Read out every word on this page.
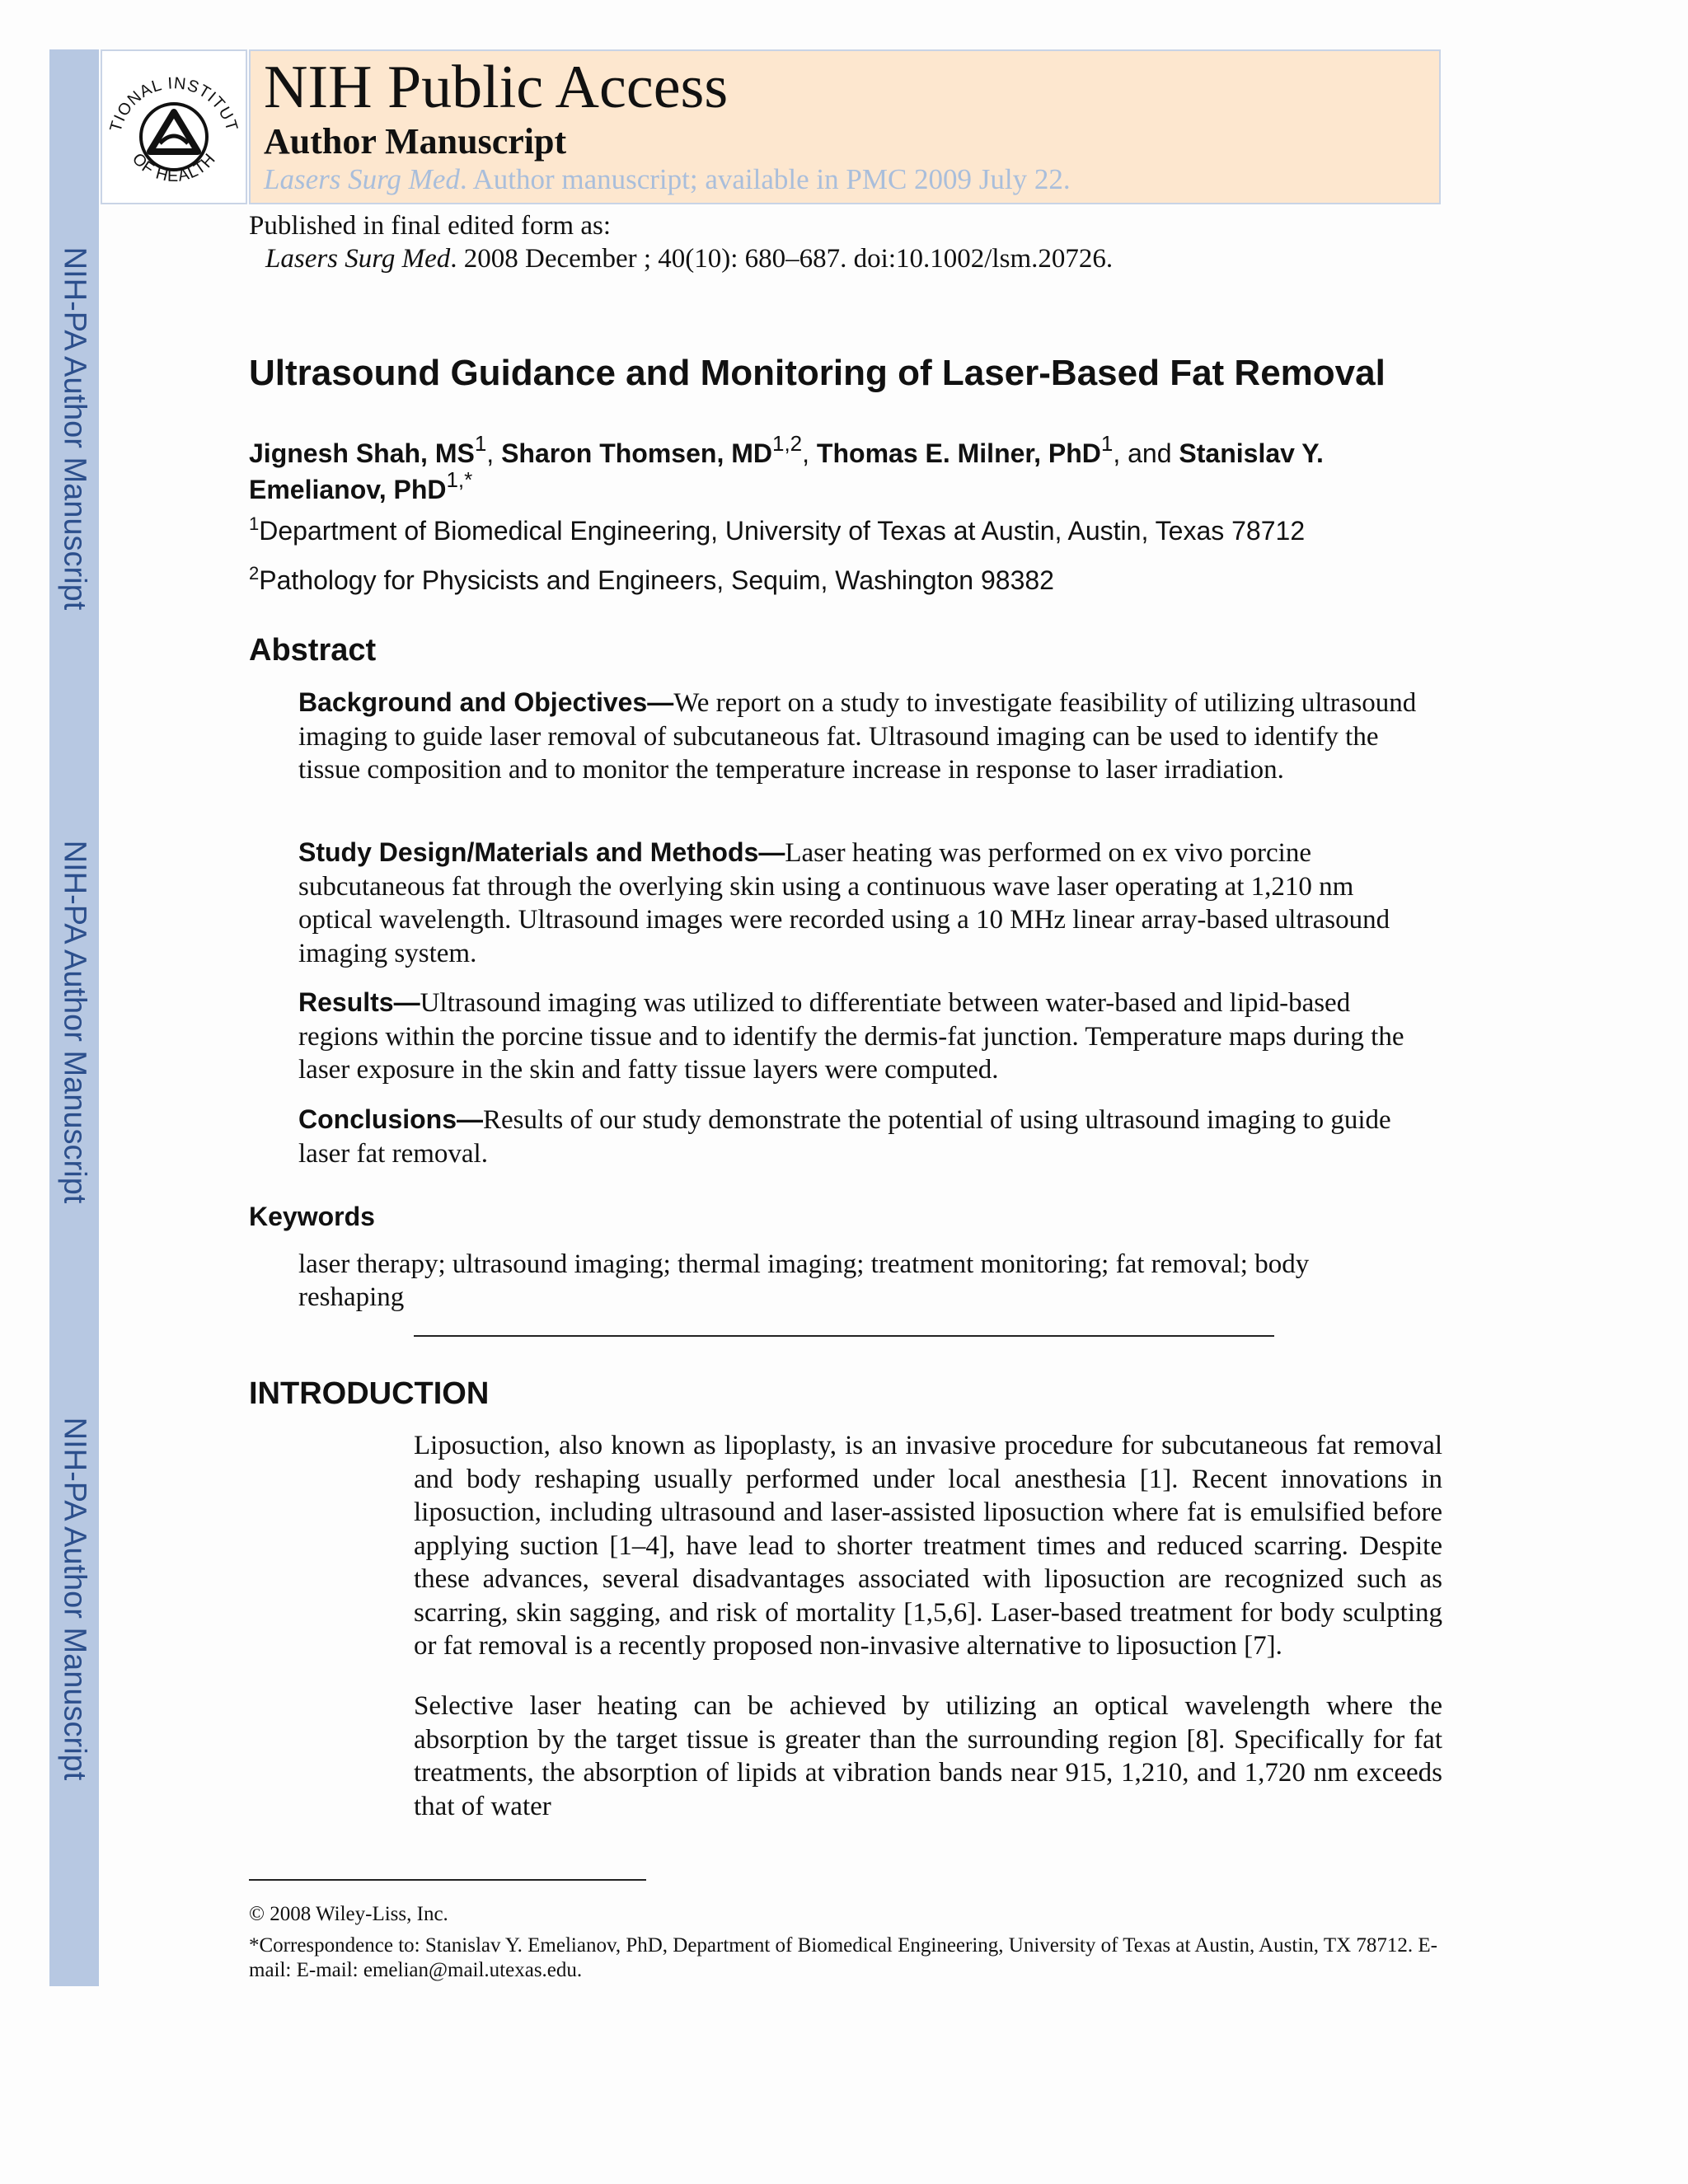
NIH-PA Author Manuscript
NIH-PA Author Manuscript
NIH-PA Author Manuscript
TIONAL INSTITUT
OF HEALTH
NIH Public Access
Author Manuscript
Lasers Surg Med. Author manuscript; available in PMC 2009 July 22.
Published in final edited form as:
Lasers Surg Med. 2008 December ; 40(10): 680–687. doi:10.1002/lsm.20726.
Ultrasound Guidance and Monitoring of Laser-Based Fat Removal
Jignesh Shah, $MS^1$, Sharon Thomsen, MD$^{1,2}$, Thomas E. Milner, PhD$^1$, and Stanislav Y. Emelianov, PhD$^{1,*}$
$^1$Department of Biomedical Engineering, University of Texas at Austin, Austin, Texas 78712
$^2$Pathology for Physicists and Engineers, Sequim, Washington 98382
Abstract
Background and Objectives—We report on a study to investigate feasibility of utilizing ultrasound imaging to guide laser removal of subcutaneous fat. Ultrasound imaging can be used to identify the tissue composition and to monitor the temperature increase in response to laser irradiation.
Study Design/Materials and Methods—Laser heating was performed on ex vivo porcine subcutaneous fat through the overlying skin using a continuous wave laser operating at 1,210 nm optical wavelength. Ultrasound images were recorded using a 10 MHz linear array-based ultrasound imaging system.
Results—Ultrasound imaging was utilized to differentiate between water-based and lipid-based regions within the porcine tissue and to identify the dermis-fat junction. Temperature maps during the laser exposure in the skin and fatty tissue layers were computed.
Conclusions—Results of our study demonstrate the potential of using ultrasound imaging to guide laser fat removal.
Keywords
laser therapy; ultrasound imaging; thermal imaging; treatment monitoring; fat removal; body reshaping
INTRODUCTION
Liposuction, also known as lipoplasty, is an invasive procedure for subcutaneous fat removal and body reshaping usually performed under local anesthesia [1]. Recent innovations in liposuction, including ultrasound and laser-assisted liposuction where fat is emulsified before applying suction [1–4], have lead to shorter treatment times and reduced scarring. Despite these advances, several disadvantages associated with liposuction are recognized such as scarring, skin sagging, and risk of mortality [1,5,6]. Laser-based treatment for body sculpting or fat removal is a recently proposed non-invasive alternative to liposuction [7].
Selective laser heating can be achieved by utilizing an optical wavelength where the absorption by the target tissue is greater than the surrounding region [8]. Specifically for fat treatments, the absorption of lipids at vibration bands near 915, 1,210, and 1,720 nm exceeds that of water
© 2008 Wiley-Liss, Inc.
*Correspondence to: Stanislav Y. Emelianov, PhD, Department of Biomedical Engineering, University of Texas at Austin, Austin, TX 78712. E-mail: E-mail: emelian@mail.utexas.edu.
